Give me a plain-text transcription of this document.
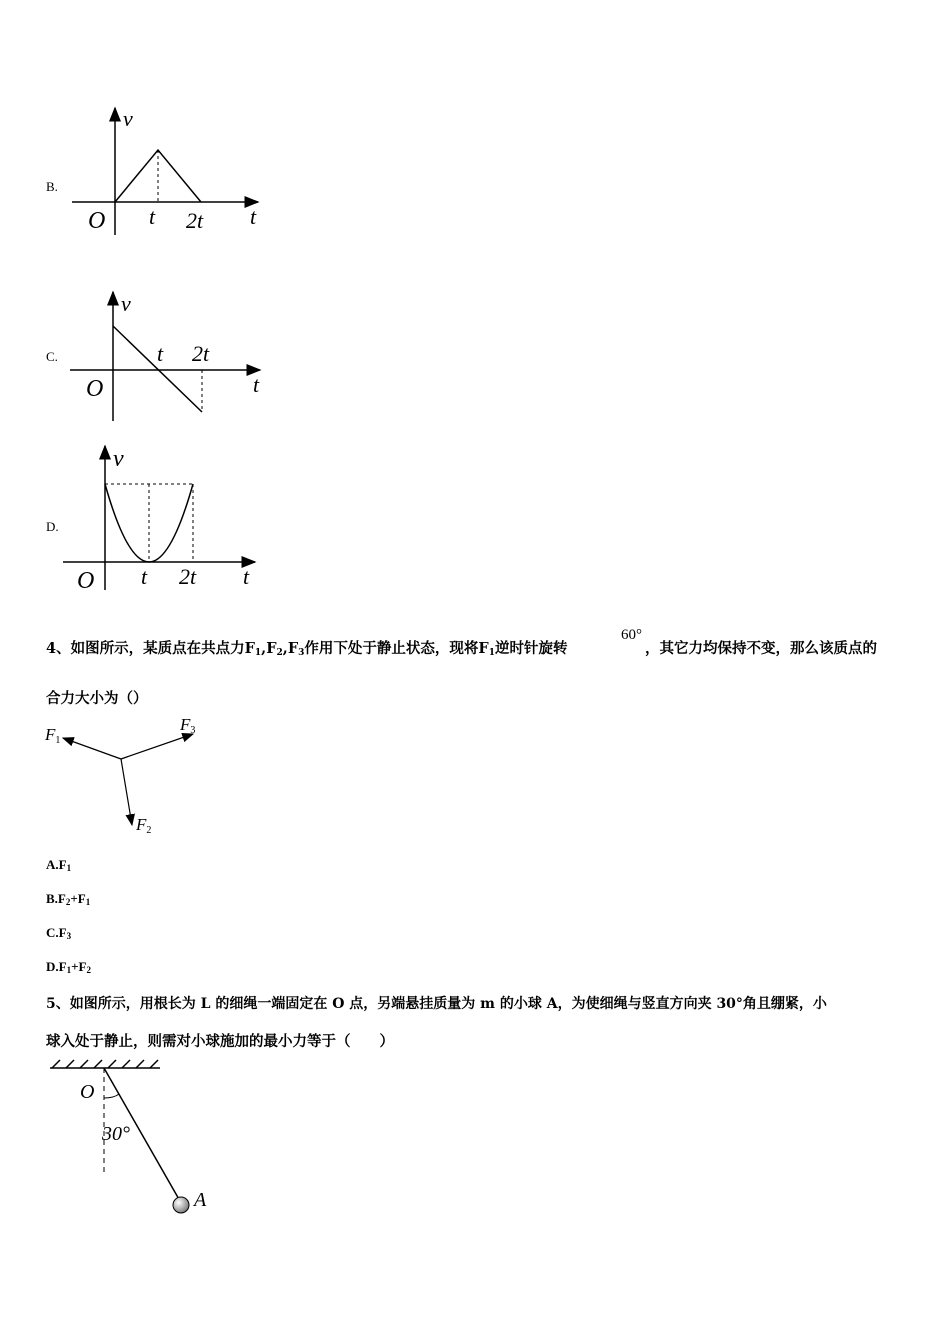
B.
v
O t 2t t
C.
v
O
t 2t
t
D.
v
O t 2t t
4、如图所示，某质点在共点力$F_1,F_2,F_3$作用下处于静止状态，现将$F_1$逆时针旋转
60°
，其它力均保持不变，那么该质点的
合力大小为（）
F1
F3
F2
$A.F_1$
$B.F_2+F_1$
$C.F_3$
$D.F_1+F_2$
5、如图所示，用根长为 L 的细绳一端固定在 O 点，另端悬挂质量为 m 的小球 A，为使细绳与竖直方向夹 30°角且绷紧，小
球入处于静止，则需对小球施加的最小力等于（　　）
O
30°
A
